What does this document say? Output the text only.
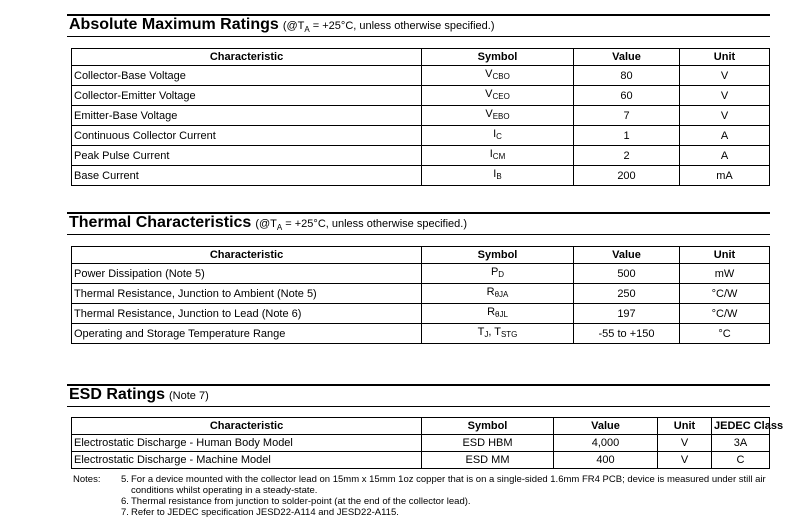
Absolute Maximum Ratings ($@T_A = +25^\circ C$, unless otherwise specified.)
Characteristic	Symbol	Value	Unit
Collector-Base Voltage	$V_{CBO}$	80	V
Collector-Emitter Voltage	$V_{CEO}$	60	V
Emitter-Base Voltage	$V_{EBO}$	7	V
Continuous Collector Current	$I_C$	1	A
Peak Pulse Current	$I_{CM}$	2	A
Base Current	$I_B$	200	mA
Thermal Characteristics ($@T_A = +25^\circ C$, unless otherwise specified.)
Characteristic	Symbol	Value	Unit
Power Dissipation (Note 5)	$P_D$	500	mW
Thermal Resistance, Junction to Ambient (Note 5)	$R_{\theta JA}$	250	°C/W
Thermal Resistance, Junction to Lead (Note 6)	$R_{\theta JL}$	197	°C/W
Operating and Storage Temperature Range	$T_J$, $T_{STG}$	-55 to +150	°C
ESD Ratings (Note 7)
Characteristic	Symbol	Value	Unit	JEDEC Class
Electrostatic Discharge - Human Body Model	ESD HBM	4,000	V	3A
Electrostatic Discharge - Machine Model	ESD MM	400	V	C
Notes: 5. For a device mounted with the collector lead on 15mm x 15mm 1oz copper that is on a single-sided 1.6mm FR4 PCB; device is measured under still air
conditions whilst operating in a steady-state.
6. Thermal resistance from junction to solder-point (at the end of the collector lead).
7. Refer to JEDEC specification JESD22-A114 and JESD22-A115.
